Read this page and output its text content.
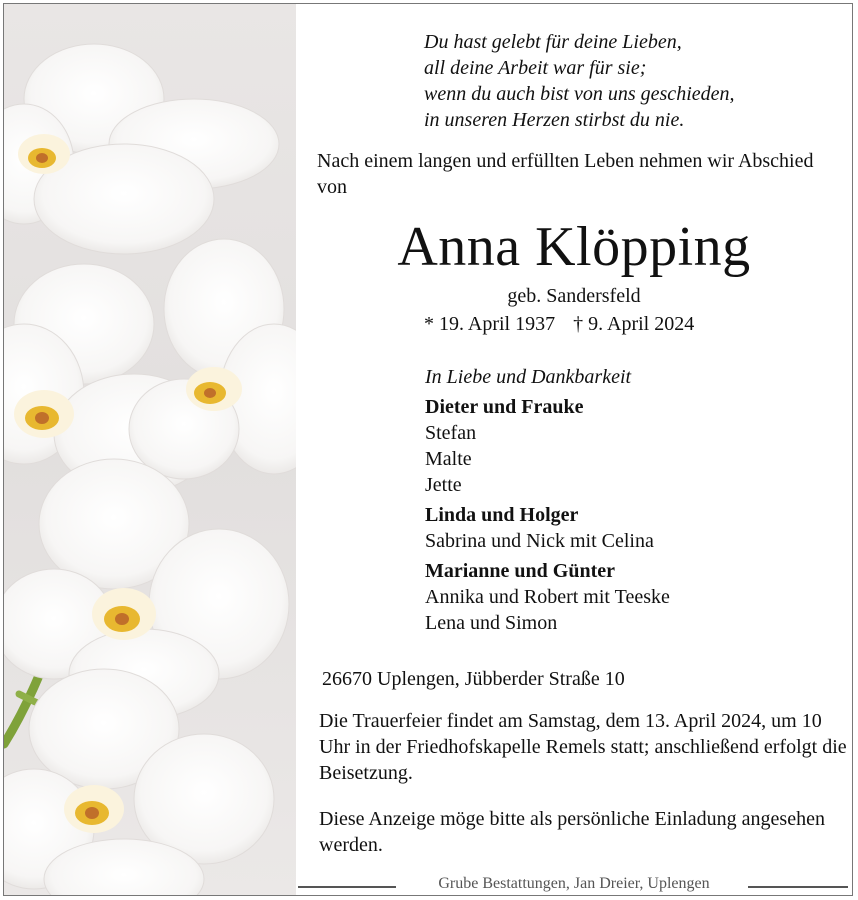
Du hast gelebt für deine Lieben,
all deine Arbeit war für sie;
wenn du auch bist von uns geschieden,
in unseren Herzen stirbst du nie.
Nach einem langen und erfüllten Leben nehmen wir Abschied von
Anna Klöpping
geb. Sandersfeld
* 19. April 1937 † 9. April 2024
In Liebe und Dankbarkeit
Dieter und Frauke
Stefan
Malte
Jette
Linda und Holger
Sabrina und Nick mit Celina
Marianne und Günter
Annika und Robert mit Teeske
Lena und Simon
26670 Uplengen, Jübberder Straße 10
Die Trauerfeier findet am Samstag, dem 13. April 2024, um 10 Uhr in der Friedhofskapelle Remels statt; anschließend erfolgt die Beisetzung.
Diese Anzeige möge bitte als persönliche Einladung angesehen werden.
Grube Bestattungen, Jan Dreier, Uplengen
